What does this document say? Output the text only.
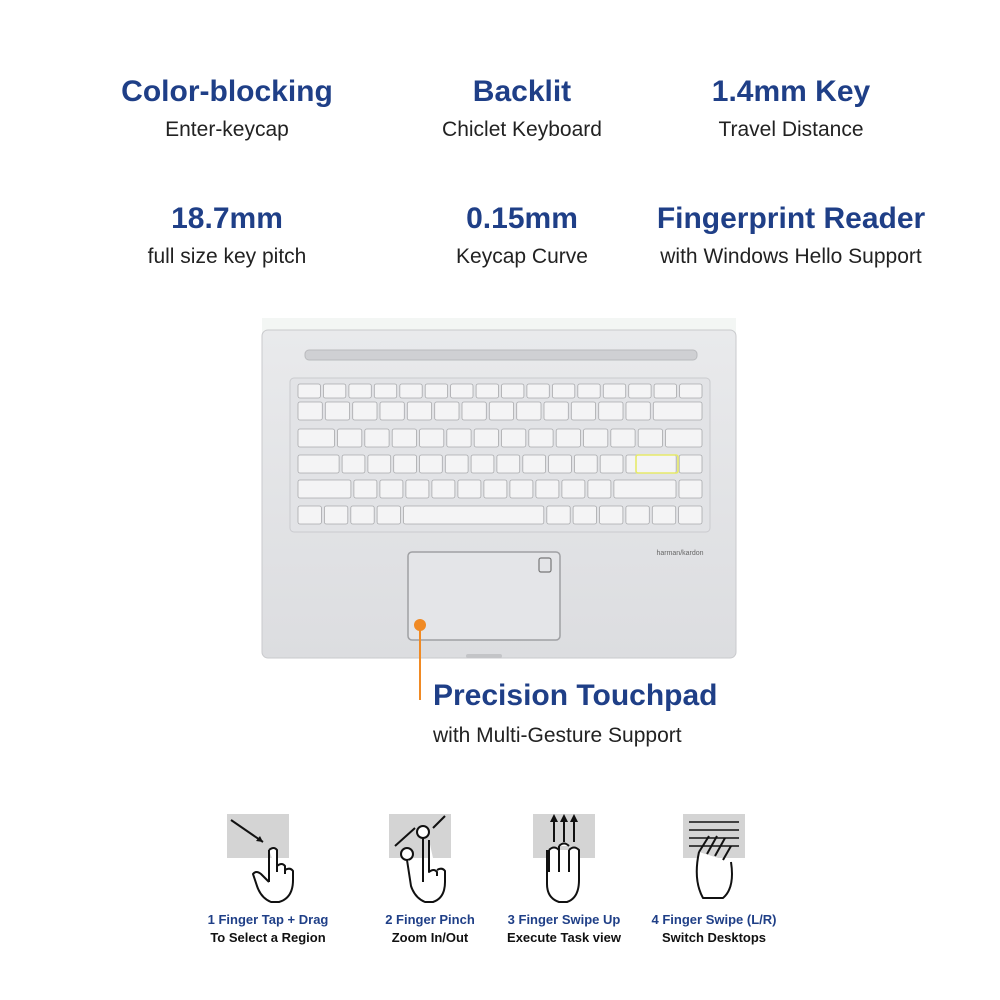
Color-blocking
Enter-keycap
Backlit
Chiclet Keyboard
1.4mm Key
Travel Distance
18.7mm
full size key pitch
0.15mm
Keycap Curve
Fingerprint Reader
with Windows Hello Support
harman/kardon
Precision Touchpad
with Multi-Gesture Support
1 Finger Tap + Drag
To Select a Region
2 Finger Pinch
Zoom In/Out
3 Finger Swipe Up
Execute Task view
4 Finger Swipe (L/R)
Switch Desktops
